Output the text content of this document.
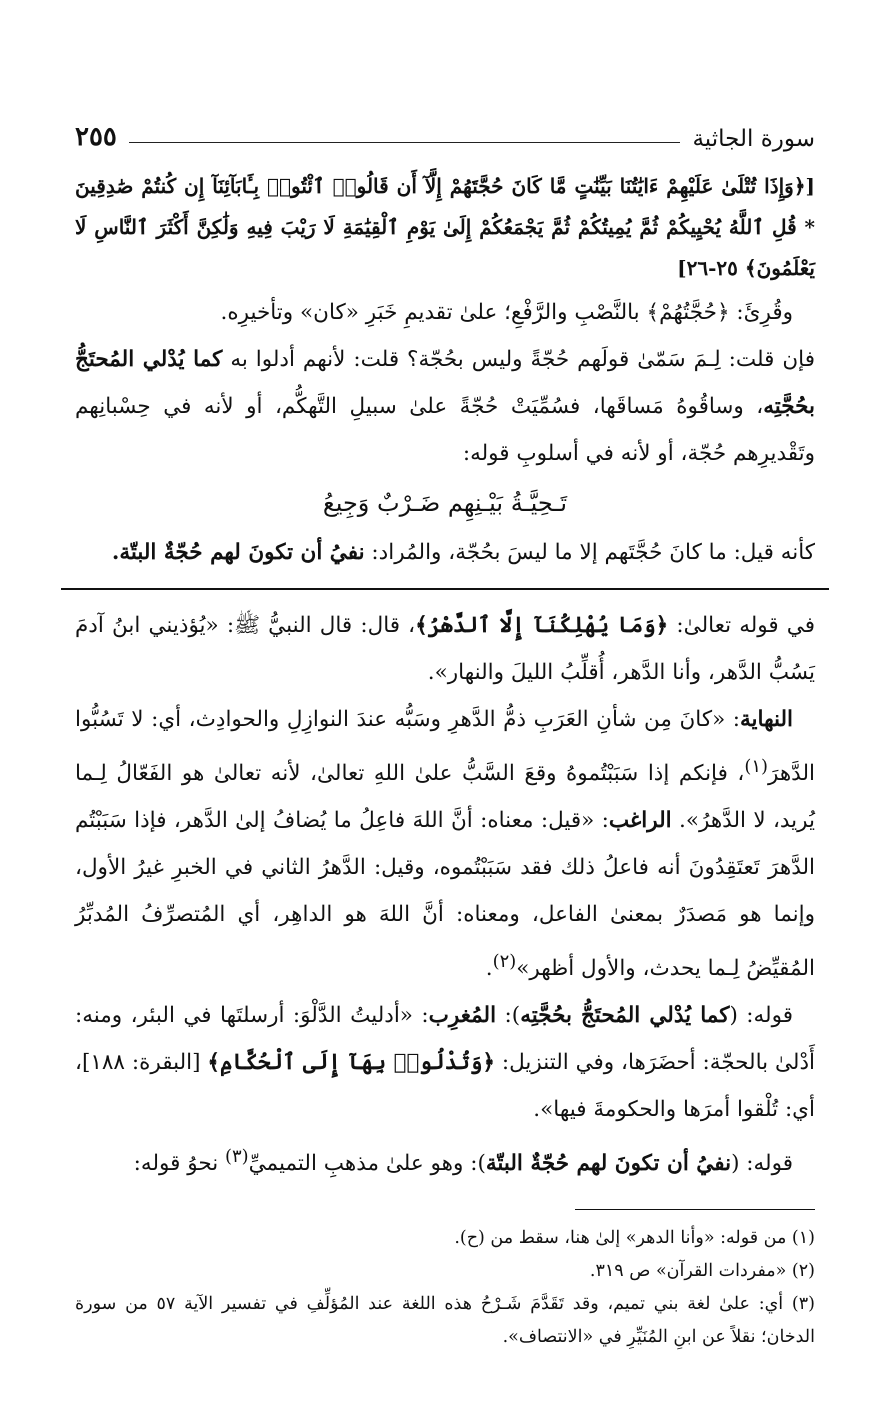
سورة الجاثية
٢٥٥

[﴿وَإِذَا تُتْلَىٰ عَلَيْهِمْ ءَايَٰتُنَا بَيِّنَٰتٍ مَّا كَانَ حُجَّتَهُمْ إِلَّآ أَن قَالُوا۟ ٱئْتُوا۟ بِـَٔابَآئِنَآ إِن كُنتُمْ صَٰدِقِينَ * قُلِ ٱللَّهُ يُحْيِيكُمْ ثُمَّ يُمِيتُكُمْ ثُمَّ يَجْمَعُكُمْ إِلَىٰ يَوْمِ ٱلْقِيَٰمَةِ لَا رَيْبَ فِيهِ وَلَٰكِنَّ أَكْثَرَ ٱلنَّاسِ لَا يَعْلَمُونَ﴾ ٢٥-٢٦]

وقُرِئَ: ﴿حُجَّتُهُمْ﴾ بالنَّصْبِ والرَّفْعِ؛ علىٰ تقديمِ خَبَرِ «كان» وتأخيرِه.

فإن قلت: لِـمَ سَمّىٰ قولَهم حُجّةً وليس بحُجّة؟ قلت: لأنهم أدلوا به كما يُدْلي المُحتَجُّ بحُجَّتِه، وساقُوهُ مَساقَها، فسُمِّيَتْ حُجّةً علىٰ سبيلِ التَّهكُّم، أو لأنه في حِسْبانِهم وتَقْديرِهم حُجّة، أو لأنه في أسلوبِ قوله:

تَـحِيَّـةُ بَيْـنِهِم ضَـرْبٌ وَجِيعُ

كأنه قيل: ما كانَ حُجَّتَهم إلا ما ليسَ بحُجّة، والمُراد: نفيُ أن تكونَ لهم حُجّةٌ البتّة.

في قوله تعالىٰ: ﴿وَمَا يُهْلِكُنَآ إِلَّا ٱلدَّهْرُ﴾، قال: قال النبيُّ ﷺ: «يُؤذيني ابنُ آدمَ يَسُبُّ الدَّهر، وأنا الدَّهر، أُقلِّبُ الليلَ والنهار».

النهاية: «كانَ مِن شأنِ العَرَبِ ذمُّ الدَّهرِ وسَبُّه عندَ النوازِلِ والحوادِث، أي: لا تَسُبُّوا الدَّهرَ$^{(١)}$، فإنكم إذا سَبَبْتُموهُ وقعَ السَّبُّ علىٰ اللهِ تعالىٰ، لأنه تعالىٰ هو الفَعّالُ لِـما يُريد، لا الدَّهرُ». الراغب: «قيل: معناه: أنَّ اللهَ فاعِلُ ما يُضافُ إلىٰ الدَّهر، فإذا سَبَبْتُم الدَّهرَ تَعتَقِدُونَ أنه فاعلُ ذلك فقد سَبَبْتُموه، وقيل: الدَّهرُ الثاني في الخبرِ غيرُ الأول، وإنما هو مَصدَرٌ بمعنىٰ الفاعل، ومعناه: أنَّ اللهَ هو الداهِر، أي المُتصرِّفُ المُدبِّرُ المُقيِّضُ لِـما يحدث، والأول أظهر»$^{(٢)}$.

قوله: (كما يُدْلي المُحتَجُّ بحُجَّتِه): المُغرِب: «أدليتُ الدَّلْوَ: أرسلتَها في البئر، ومنه: أَدْلىٰ بالحجّة: أحضَرَها، وفي التنزيل: ﴿وَتُدْلُوا۟ بِهَآ إِلَى ٱلْحُكَّامِ﴾ [البقرة: ١٨٨]، أي: تُلْقوا أمرَها والحكومةَ فيها».

قوله: (نفيُ أن تكونَ لهم حُجّةٌ البتّة): وهو علىٰ مذهبِ التميميِّ$^{(٣)}$ نحوُ قوله:

(١) من قوله: «وأنا الدهر» إلىٰ هنا، سقط من (ح).

(٢) «مفردات القرآن» ص ٣١٩.

(٣) أي: علىٰ لغة بني تميم، وقد تَقَدَّمَ شَـرْحُ هذه اللغة عند المُؤلِّفِ في تفسير الآية ٥٧ من سورة الدخان؛ نقلاً عن ابنِ المُنَيِّرِ في «الانتصاف».
